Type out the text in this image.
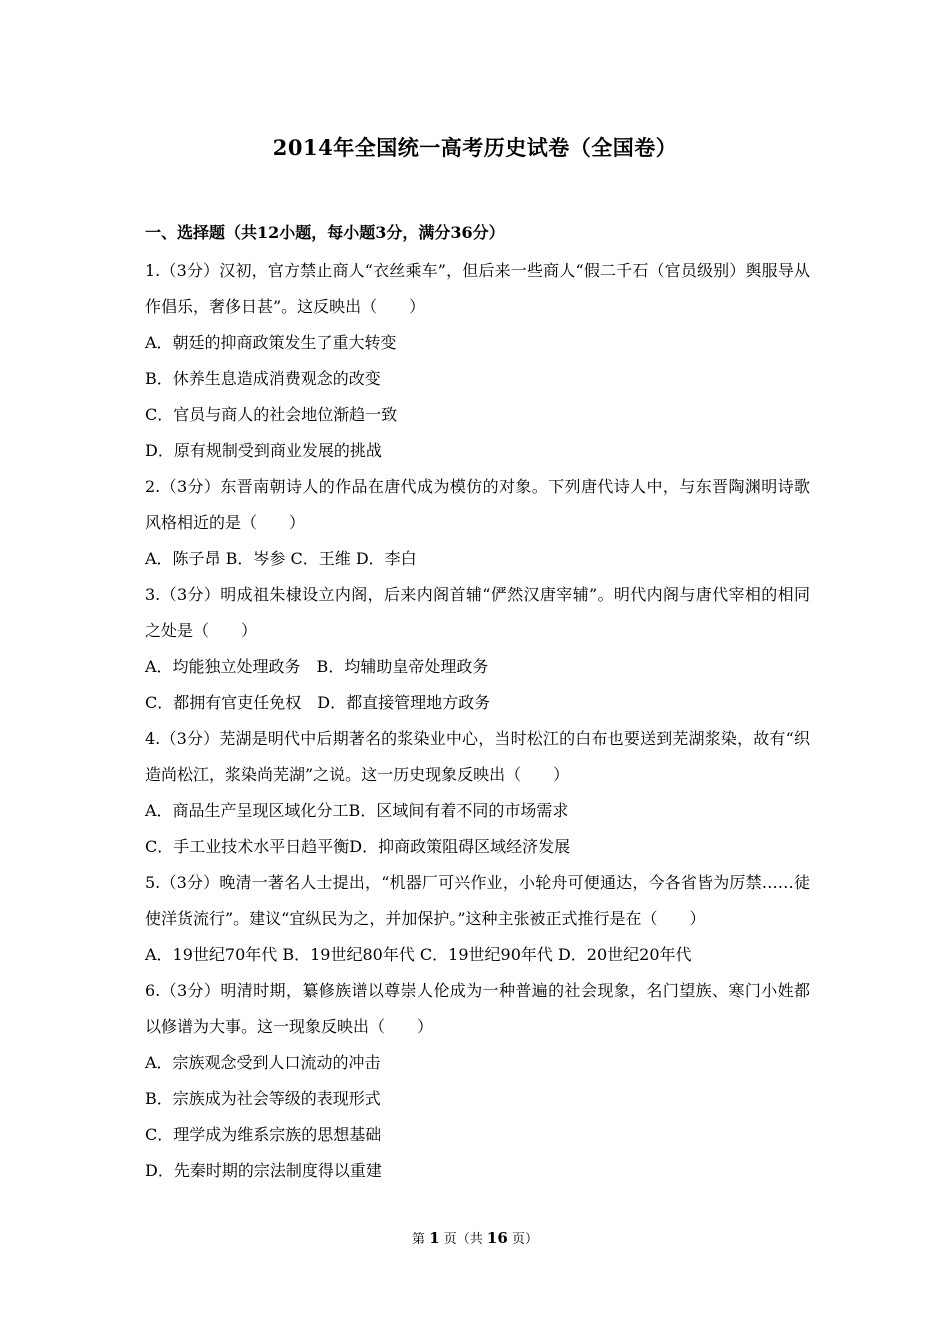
2014年全国统一高考历史试卷（全国卷）
一、选择题（共12小题，每小题3分，满分36分）
1.（3分）汉初，官方禁止商人“衣丝乘车”，但后来一些商人“假二千石（官员级别）舆服导从作倡乐，奢侈日甚”。这反映出（　　）
A．朝廷的抑商政策发生了重大转变
B．休养生息造成消费观念的改变
C．官员与商人的社会地位渐趋一致
D．原有规制受到商业发展的挑战
2.（3分）东晋南朝诗人的作品在唐代成为模仿的对象。下列唐代诗人中，与东晋陶渊明诗歌风格相近的是（　　）
A．陈子昂 B．岑参 C．王维 D．李白
3.（3分）明成祖朱棣设立内阁，后来内阁首辅“俨然汉唐宰辅”。明代内阁与唐代宰相的相同之处是（　　）
A．均能独立处理政务　B．均辅助皇帝处理政务
C．都拥有官吏任免权　D．都直接管理地方政务
4.（3分）芜湖是明代中后期著名的浆染业中心，当时松江的白布也要送到芜湖浆染，故有“织造尚松江，浆染尚芜湖”之说。这一历史现象反映出（　　）
A．商品生产呈现区域化分工B．区域间有着不同的市场需求
C．手工业技术水平日趋平衡D．抑商政策阻碍区域经济发展
5.（3分）晚清一著名人士提出，“机器厂可兴作业，小轮舟可便通达，今各省皆为厉禁……徒使洋货流行”。建议“宜纵民为之，并加保护。”这种主张被正式推行是在（　　）
A．19世纪70年代 B．19世纪80年代 C．19世纪90年代 D．20世纪20年代
6.（3分）明清时期，纂修族谱以尊崇人伦成为一种普遍的社会现象，名门望族、寒门小姓都以修谱为大事。这一现象反映出（　　）
A．宗族观念受到人口流动的冲击
B．宗族成为社会等级的表现形式
C．理学成为维系宗族的思想基础
D．先秦时期的宗法制度得以重建
第 1 页（共 16 页）
